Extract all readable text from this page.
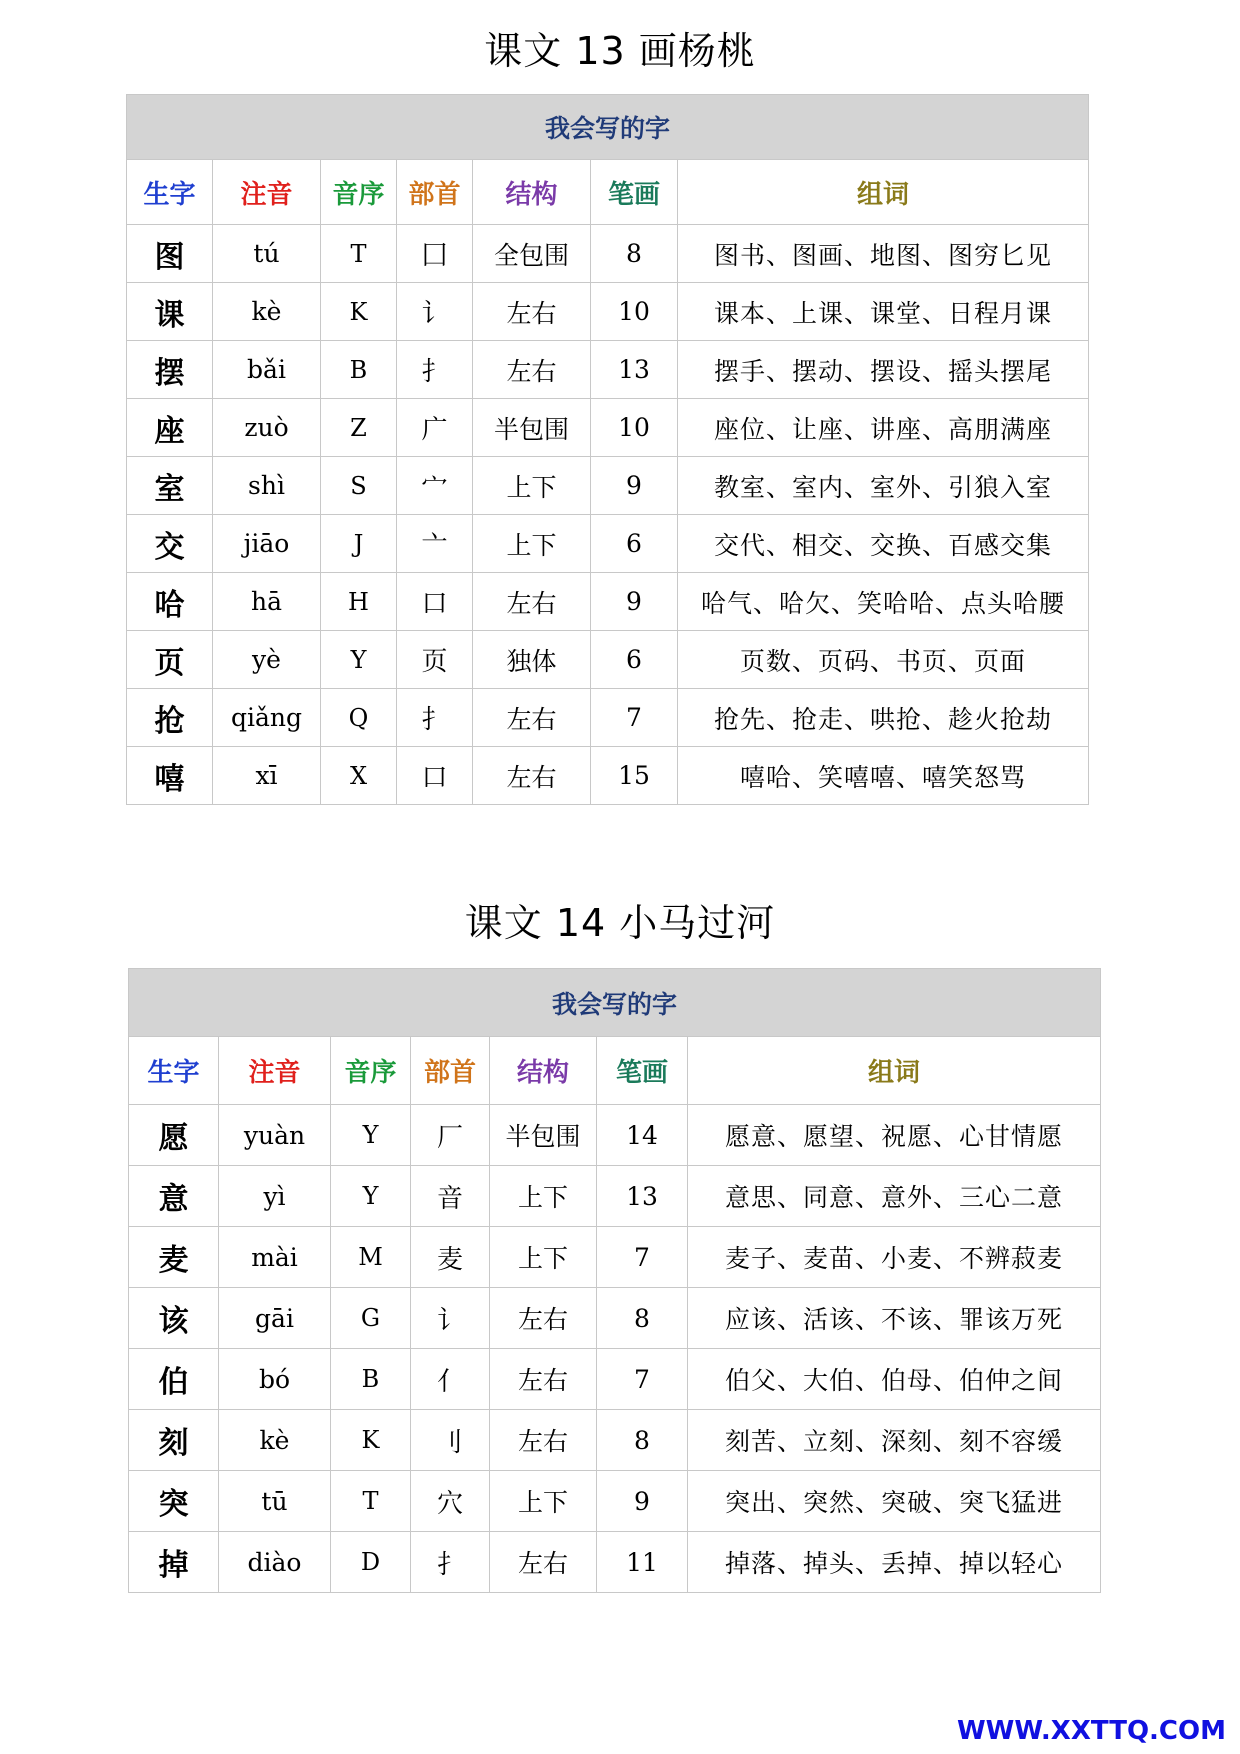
课文 13 画杨桃
我会写的字						
生字	注音	音序	部首	结构	笔画	组词
图	tú	T	囗	全包围	8	图书、图画、地图、图穷匕见
课	kè	K	讠	左右	10	课本、上课、课堂、日程月课
摆	bǎi	B	扌	左右	13	摆手、摆动、摆设、摇头摆尾
座	zuò	Z	广	半包围	10	座位、让座、讲座、高朋满座
室	shì	S	宀	上下	9	教室、室内、室外、引狼入室
交	jiāo	J	亠	上下	6	交代、相交、交换、百感交集
哈	hā	H	口	左右	9	哈气、哈欠、笑哈哈、点头哈腰
页	yè	Y	页	独体	6	页数、页码、书页、页面
抢	qiǎng	Q	扌	左右	7	抢先、抢走、哄抢、趁火抢劫
嘻	xī	X	口	左右	15	嘻哈、笑嘻嘻、嘻笑怒骂
课文 14 小马过河
我会写的字						
生字	注音	音序	部首	结构	笔画	组词
愿	yuàn	Y	厂	半包围	14	愿意、愿望、祝愿、心甘情愿
意	yì	Y	音	上下	13	意思、同意、意外、三心二意
麦	mài	M	麦	上下	7	麦子、麦苗、小麦、不辨菽麦
该	gāi	G	讠	左右	8	应该、活该、不该、罪该万死
伯	bó	B	亻	左右	7	伯父、大伯、伯母、伯仲之间
刻	kè	K	刂	左右	8	刻苦、立刻、深刻、刻不容缓
突	tū	T	穴	上下	9	突出、突然、突破、突飞猛进
掉	diào	D	扌	左右	11	掉落、掉头、丢掉、掉以轻心
WWW.XXTTQ.COM
